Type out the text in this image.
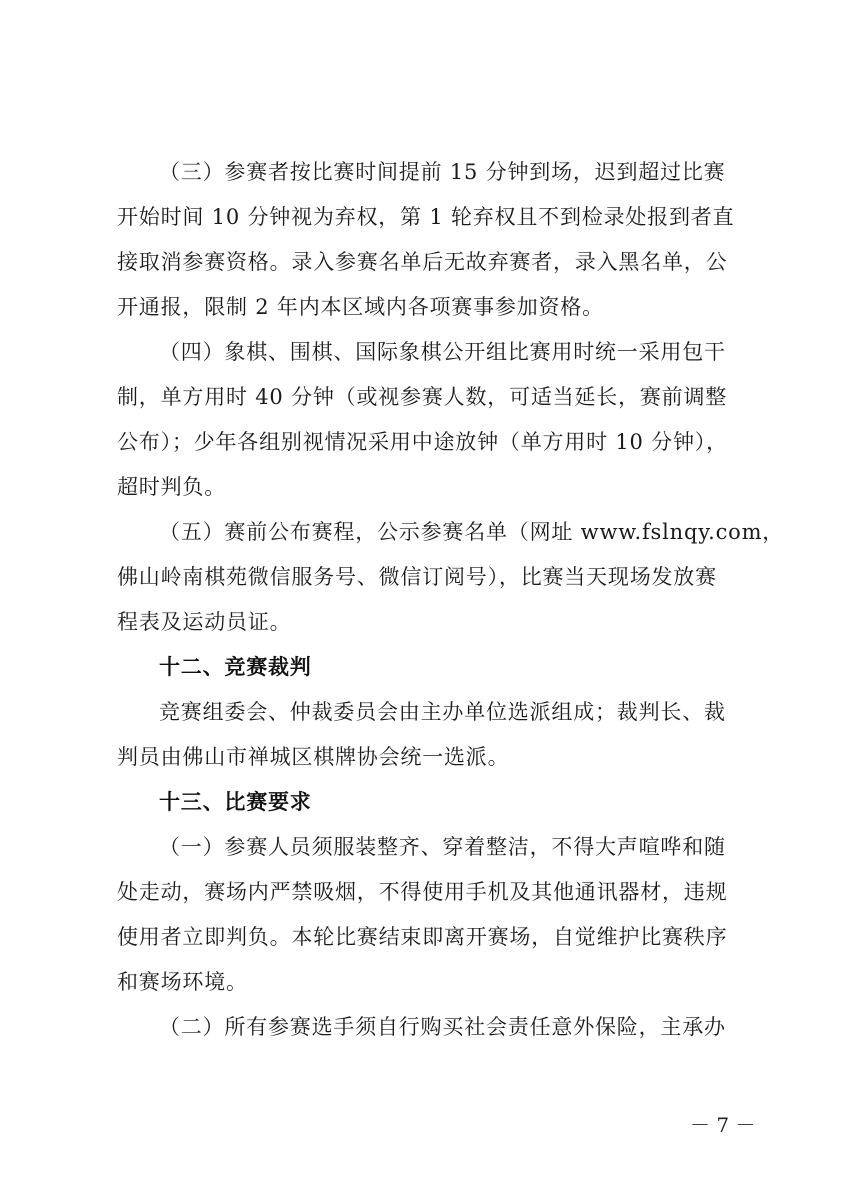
（三）参赛者按比赛时间提前 15 分钟到场，迟到超过比赛
开始时间 10 分钟视为弃权，第 1 轮弃权且不到检录处报到者直
接取消参赛资格。录入参赛名单后无故弃赛者，录入黑名单，公
开通报，限制 2 年内本区域内各项赛事参加资格。
（四）象棋、围棋、国际象棋公开组比赛用时统一采用包干
制，单方用时 40 分钟（或视参赛人数，可适当延长，赛前调整
公布）；少年各组别视情况采用中途放钟（单方用时 10 分钟），
超时判负。
（五）赛前公布赛程，公示参赛名单（网址 www.fslnqy.com，
佛山岭南棋苑微信服务号、微信订阅号），比赛当天现场发放赛
程表及运动员证。
十二、竞赛裁判
竞赛组委会、仲裁委员会由主办单位选派组成；裁判长、裁
判员由佛山市禅城区棋牌协会统一选派。
十三、比赛要求
（一）参赛人员须服装整齐、穿着整洁，不得大声喧哗和随
处走动，赛场内严禁吸烟，不得使用手机及其他通讯器材，违规
使用者立即判负。本轮比赛结束即离开赛场，自觉维护比赛秩序
和赛场环境。
（二）所有参赛选手须自行购买社会责任意外保险，主承办
－ 7 －
